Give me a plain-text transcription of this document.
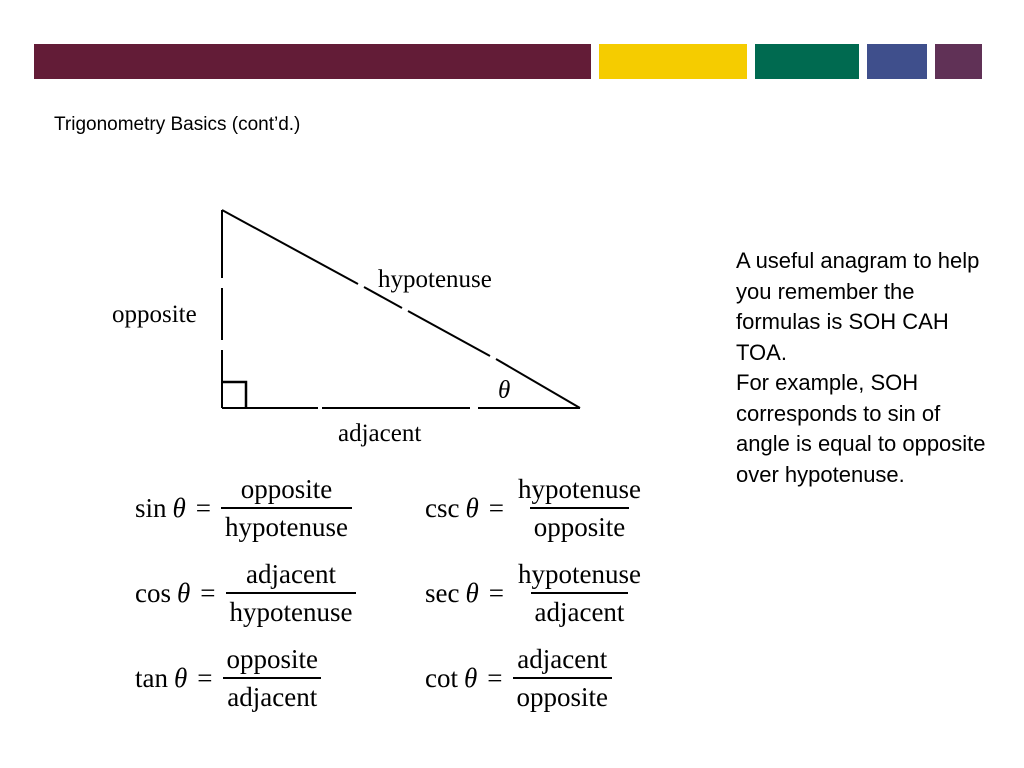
Trigonometry Basics (cont’d.)
opposite
hypotenuse
adjacent
θ
$\sin \theta = \frac{\text{opposite}}{\text{hypotenuse}}$
$\cos \theta = \frac{\text{adjacent}}{\text{hypotenuse}}$
$\tan \theta = \frac{\text{opposite}}{\text{adjacent}}$
$\csc \theta = \frac{\text{hypotenuse}}{\text{opposite}}$
$\sec \theta = \frac{\text{hypotenuse}}{\text{adjacent}}$
$\cot \theta = \frac{\text{adjacent}}{\text{opposite}}$

A useful anagram to help you remember the formulas is SOH CAH TOA.

For example, SOH corresponds to sin of angle is equal to opposite over hypotenuse.
